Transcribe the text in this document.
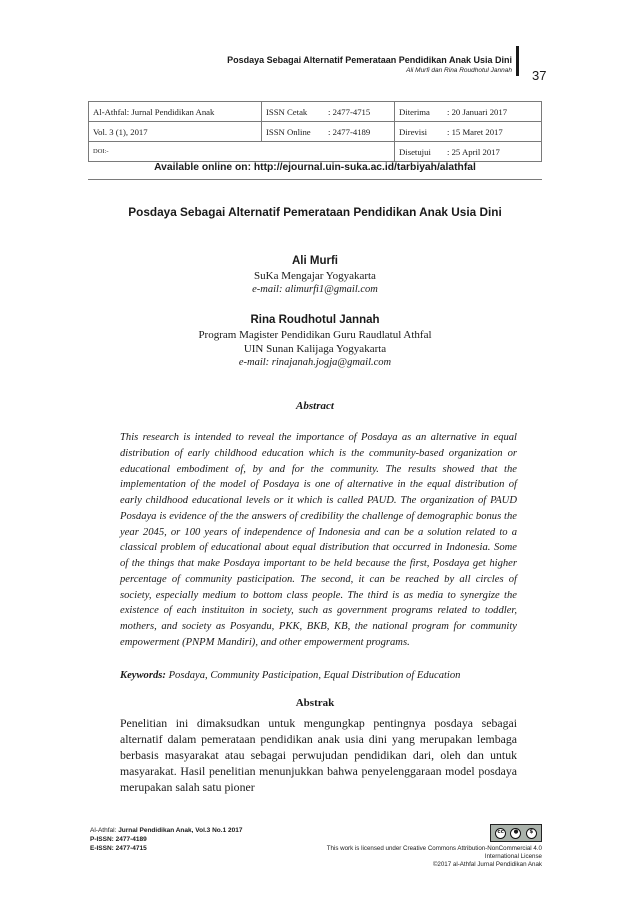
Posdaya Sebagai Alternatif Pemerataan Pendidikan Anak Usia Dini
Ali Murfi dan Rina Roudhotul Jannah 37
Al-Athfal: Jurnal Pendidikan Anak	ISSN Cetak	: 2477-4715	Diterima	: 20 Januari 2017
Vol. 3 (1), 2017	ISSN Online	: 2477-4189	Direvisi	: 15 Maret 2017
DOI:-			Disetujui	: 25 April 2017
Available online on: http://ejournal.uin-suka.ac.id/tarbiyah/alathfal
Posdaya Sebagai Alternatif Pemerataan Pendidikan Anak Usia Dini
Ali Murfi
SuKa Mengajar Yogyakarta
e-mail: alimurfi1@gmail.com
Rina Roudhotul Jannah
Program Magister Pendidikan Guru Raudlatul Athfal
UIN Sunan Kalijaga Yogyakarta
e-mail: rinajanah.jogja@gmail.com
Abstract
This research is intended to reveal the importance of Posdaya as an alternative in equal distribution of early childhood education which is the community-based organization or educational embodiment of, by and for the community. The results showed that the implementation of the model of Posdaya is one of alternative in the equal distribution of early childhood educational levels or it which is called PAUD. The organization of PAUD Posdaya is evidence of the the answers of credibility the challenge of demographic bonus the year 2045, or 100 years of independence of Indonesia and can be a solution related to a classical problem of educational about equal distribution that occurred in Indonesia. Some of the things that make Posdaya important to be held because the first, Posdaya get higher percentage of community pasticipation. The second, it can be reached by all circles of society, especially medium to bottom class people. The third is as media to synergize the existence of each instituiton in society, such as government programs related to toddler, mothers, and society as Posyandu, PKK, BKB, KB, the national program for community empowerment (PNPM Mandiri), and other empowerment programs.
Keywords: Posdaya, Community Pasticipation, Equal Distribution of Education
Abstrak
Penelitian ini dimaksudkan untuk mengungkap pentingnya posdaya sebagai alternatif dalam pemerataan pendidikan anak usia dini yang merupakan lembaga berbasis masyarakat atau sebagai perwujudan pendidikan dari, oleh dan untuk masyarakat. Hasil penelitian menunjukkan bahwa penyelenggaraan model posdaya merupakan salah satu pioner
Al-Athfal: Jurnal Pendidikan Anak, Vol.3 No.1 2017
P-ISSN: 2477-4189
E-ISSN: 2477-4715
cc	●	$
This work is licensed under Creative Commons Attribution-NonCommercial 4.0
International License
©2017 al-Athfal Jurnal Pendidikan Anak
